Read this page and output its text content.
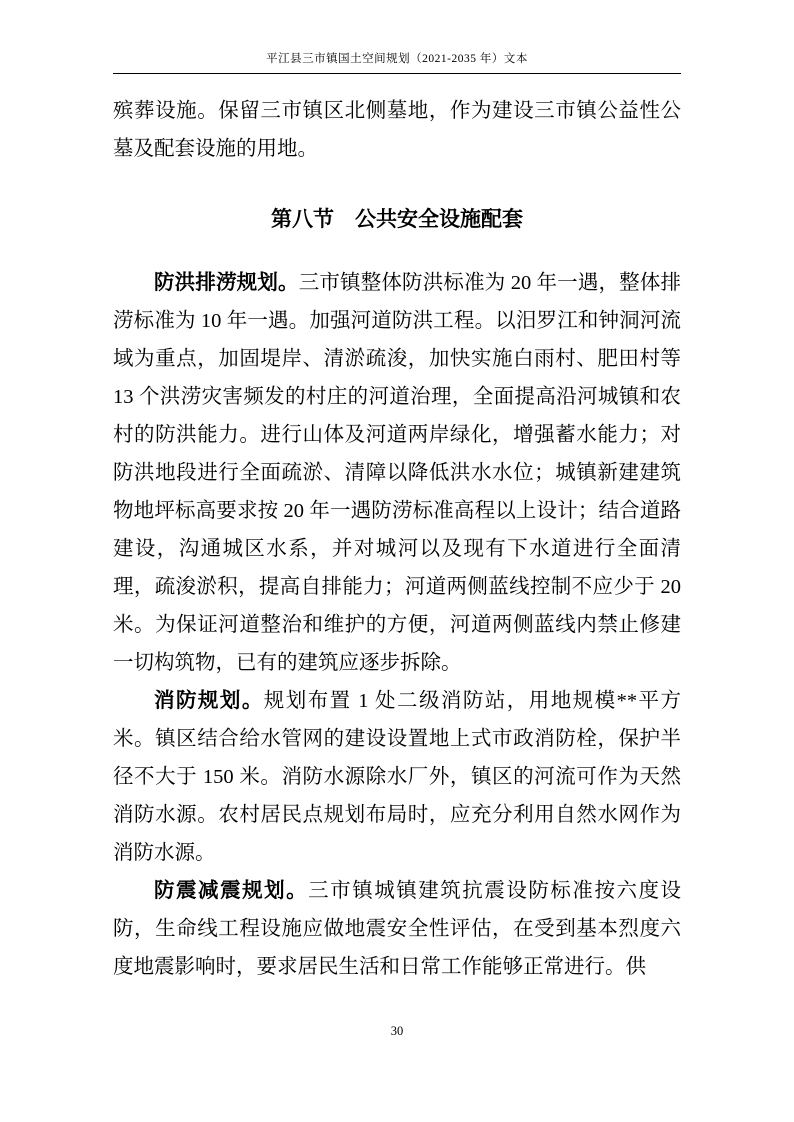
平江县三市镇国土空间规划（2021-2035 年）文本

殡葬设施。保留三市镇区北侧墓地，作为建设三市镇公益性公墓及配套设施的用地。

第八节　公共安全设施配套

防洪排涝规划。三市镇整体防洪标准为 20 年一遇，整体排涝标准为 10 年一遇。加强河道防洪工程。以汨罗江和钟洞河流域为重点，加固堤岸、清淤疏浚，加快实施白雨村、肥田村等 13 个洪涝灾害频发的村庄的河道治理，全面提高沿河城镇和农村的防洪能力。进行山体及河道两岸绿化，增强蓄水能力；对防洪地段进行全面疏淤、清障以降低洪水水位；城镇新建建筑物地坪标高要求按 20 年一遇防涝标准高程以上设计；结合道路建设，沟通城区水系，并对城河以及现有下水道进行全面清理，疏浚淤积，提高自排能力；河道两侧蓝线控制不应少于 20 米。为保证河道整治和维护的方便，河道两侧蓝线内禁止修建一切构筑物，已有的建筑应逐步拆除。

消防规划。规划布置 1 处二级消防站，用地规模**平方米。镇区结合给水管网的建设设置地上式市政消防栓，保护半径不大于 150 米。消防水源除水厂外，镇区的河流可作为天然消防水源。农村居民点规划布局时，应充分利用自然水网作为消防水源。

防震减震规划。三市镇城镇建筑抗震设防标准按六度设防，生命线工程设施应做地震安全性评估，在受到基本烈度六度地震影响时，要求居民生活和日常工作能够正常进行。供

30
